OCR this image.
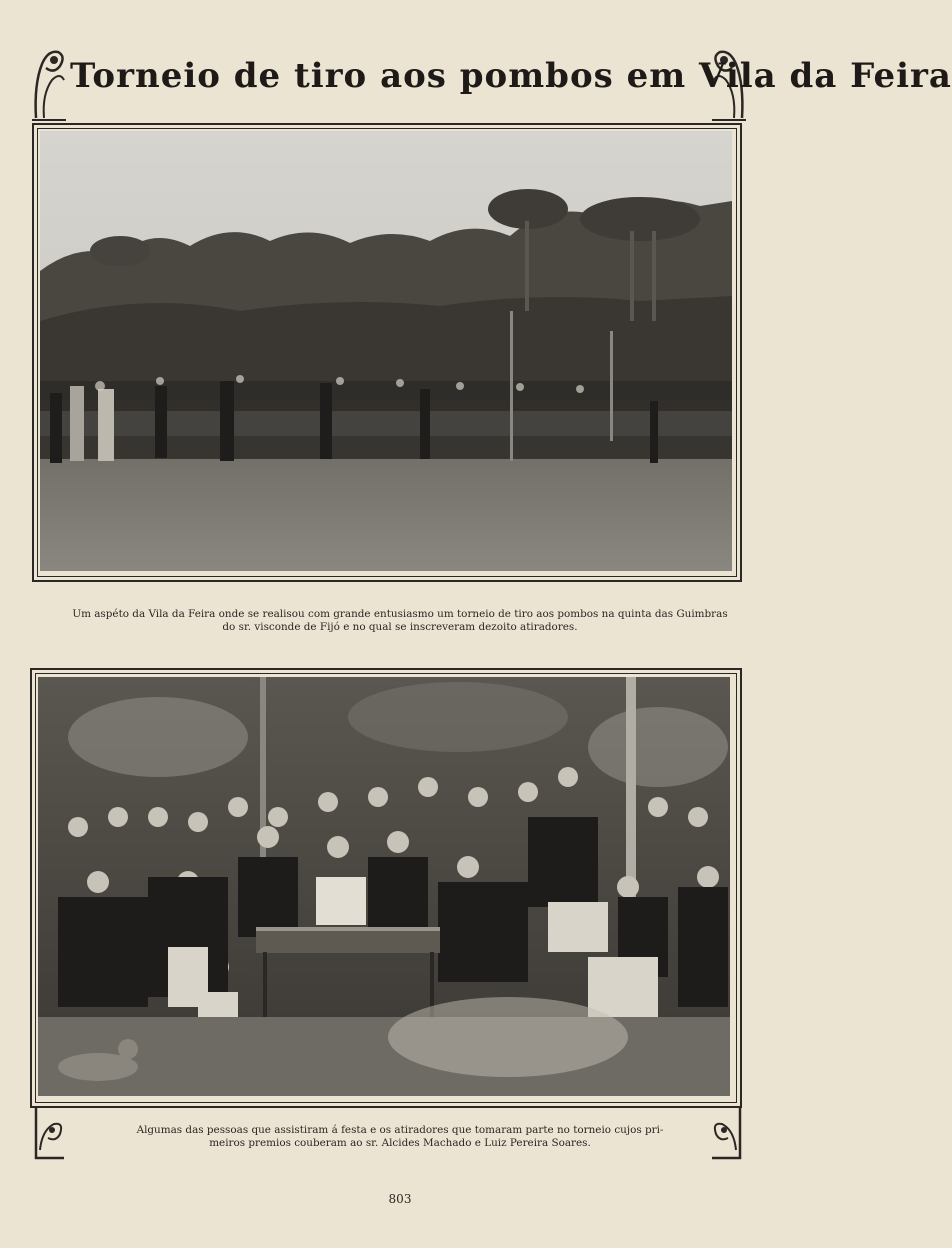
Torneio de tiro aos pombos em Vila da Feira
Um aspéto da Vila da Feira onde se realisou com grande entusiasmo um torneio de tiro aos pombos na quinta das Guimbras
do sr. visconde de Fijó e no qual se inscreveram dezoito atiradores.
Algumas das pessoas que assistiram á festa e os atiradores que tomaram parte no torneio cujos pri-
meiros premios couberam ao sr. Alcides Machado e Luiz Pereira Soares.
803
